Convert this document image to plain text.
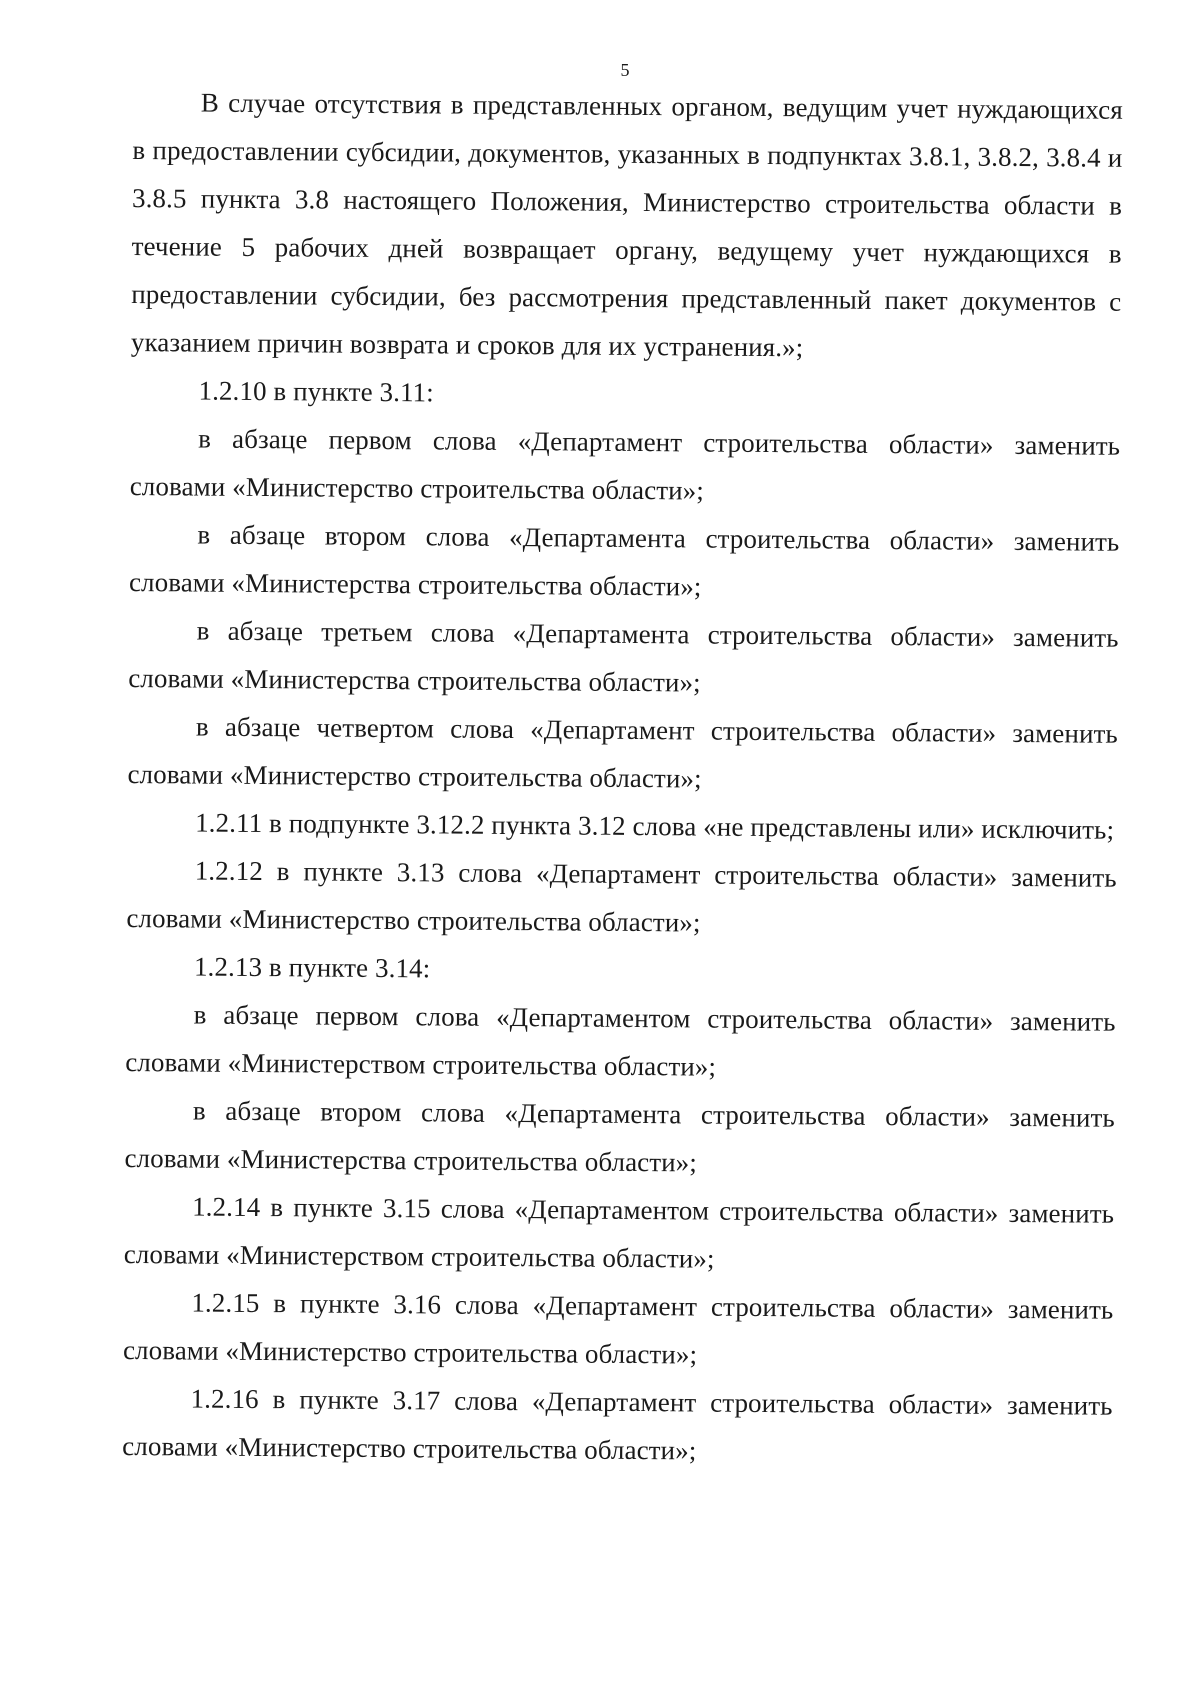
5

В случае отсутствия в представленных органом, ведущим учет нуждающихся в предоставлении субсидии, документов, указанных в подпунктах 3.8.1, 3.8.2, 3.8.4 и 3.8.5 пункта 3.8 настоящего Положения, Министерство строительства области в течение 5 рабочих дней возвращает органу, ведущему учет нуждающихся в предоставлении субсидии, без рассмотрения представленный пакет документов с указанием причин возврата и сроков для их устранения.»;

1.2.10 в пункте 3.11:

в абзаце первом слова «Департамент строительства области» заменить словами «Министерство строительства области»;

в абзаце втором слова «Департамента строительства области» заменить словами «Министерства строительства области»;

в абзаце третьем слова «Департамента строительства области» заменить словами «Министерства строительства области»;

в абзаце четвертом слова «Департамент строительства области» заменить словами «Министерство строительства области»;

1.2.11 в подпункте 3.12.2 пункта 3.12 слова «не представлены или» исключить;

1.2.12 в пункте 3.13 слова «Департамент строительства области» заменить словами «Министерство строительства области»;

1.2.13 в пункте 3.14:

в абзаце первом слова «Департаментом строительства области» заменить словами «Министерством строительства области»;

в абзаце втором слова «Департамента строительства области» заменить словами «Министерства строительства области»;

1.2.14 в пункте 3.15 слова «Департаментом строительства области» заменить словами «Министерством строительства области»;

1.2.15 в пункте 3.16 слова «Департамент строительства области» заменить словами «Министерство строительства области»;

1.2.16 в пункте 3.17 слова «Департамент строительства области» заменить словами «Министерство строительства области»;
